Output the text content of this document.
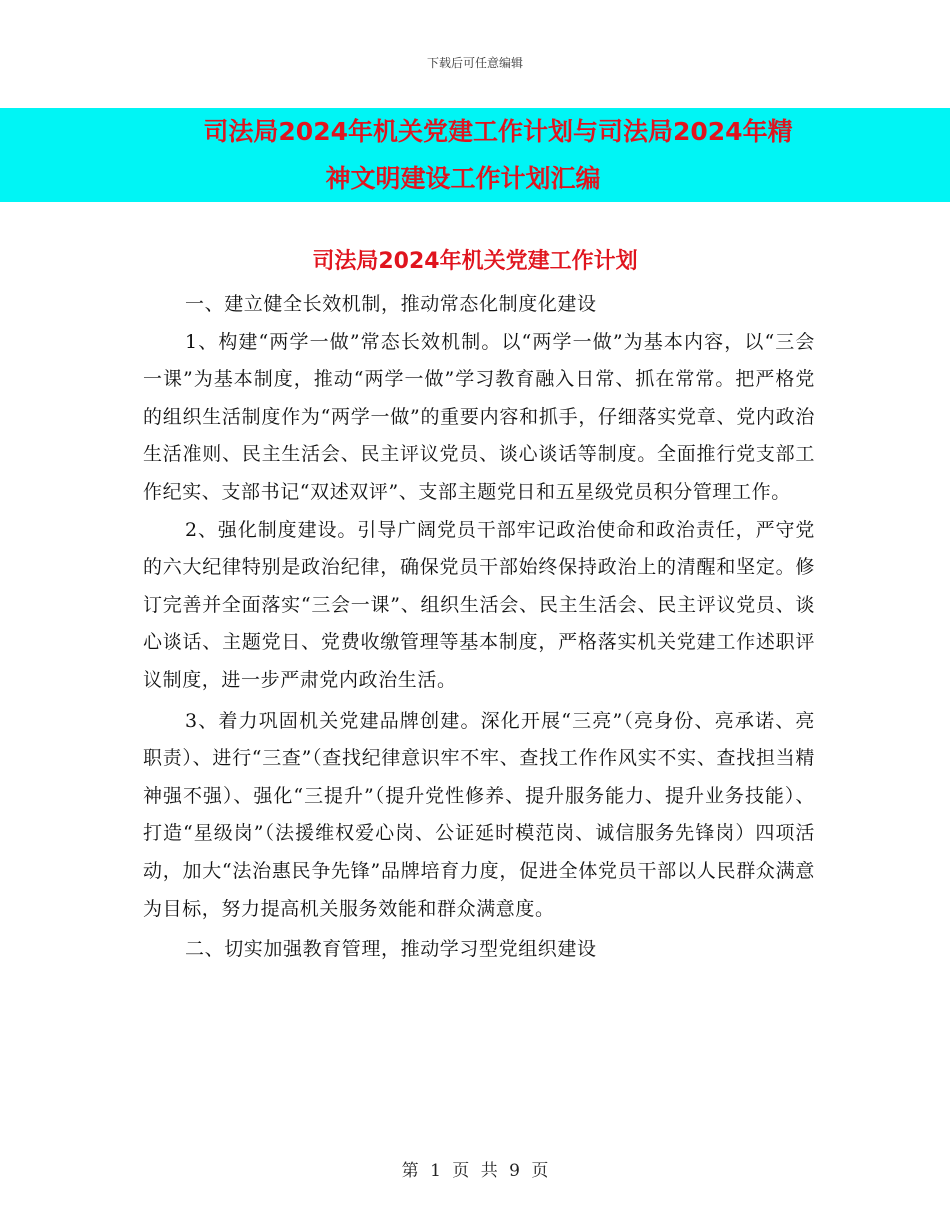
下载后可任意编辑
司法局2024年机关党建工作计划与司法局2024年精
神文明建设工作计划汇编
司法局2024年机关党建工作计划

一、建立健全长效机制，推动常态化制度化建设

1、构建“两学一做”常态长效机制。以“两学一做”为基本内容，以“三会一课”为基本制度，推动“两学一做”学习教育融入日常、抓在常常。把严格党的组织生活制度作为“两学一做”的重要内容和抓手，仔细落实党章、党内政治生活准则、民主生活会、民主评议党员、谈心谈话等制度。全面推行党支部工作纪实、支部书记“双述双评”、支部主题党日和五星级党员积分管理工作。

2、强化制度建设。引导广阔党员干部牢记政治使命和政治责任，严守党的六大纪律特别是政治纪律，确保党员干部始终保持政治上的清醒和坚定。修订完善并全面落实“三会一课”、组织生活会、民主生活会、民主评议党员、谈心谈话、主题党日、党费收缴管理等基本制度，严格落实机关党建工作述职评议制度，进一步严肃党内政治生活。

3、着力巩固机关党建品牌创建。深化开展“三亮”（亮身份、亮承诺、亮职责）、进行“三查”（查找纪律意识牢不牢、查找工作作风实不实、查找担当精神强不强）、强化“三提升”（提升党性修养、提升服务能力、提升业务技能）、打造“星级岗”（法援维权爱心岗、公证延时模范岗、诚信服务先锋岗）四项活动，加大“法治惠民争先锋”品牌培育力度，促进全体党员干部以人民群众满意为目标，努力提高机关服务效能和群众满意度。

二、切实加强教育管理，推动学习型党组织建设

第 1 页 共 9 页
